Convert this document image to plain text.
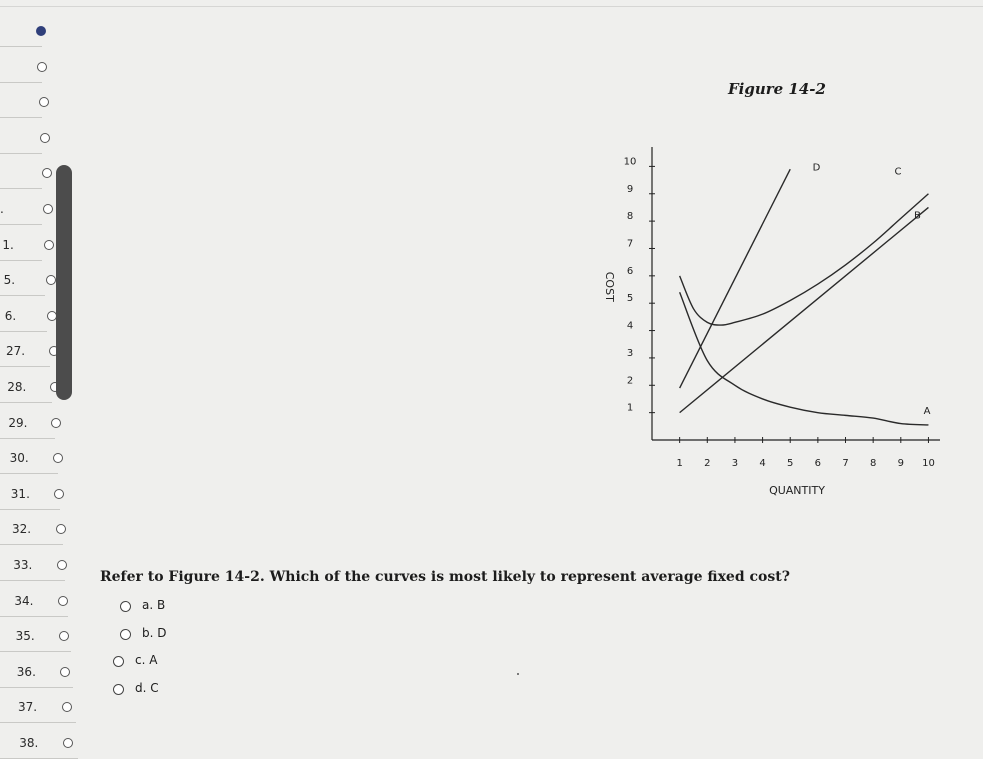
.
1.
5.
6.
27.
28.
29.
30.
31.
32.
33.
34.
35.
36.
37.
38.
Figure 14-2
1 2 3 4 5 6 7 8 9 10
1
2
3
4
5
6
7
8
9
10
QUANTITY
COST
A
B
C
D
Refer to Figure 14-2. Which of the curves is most likely to represent average fixed cost?
a. B
b. D
c. A
d. C
